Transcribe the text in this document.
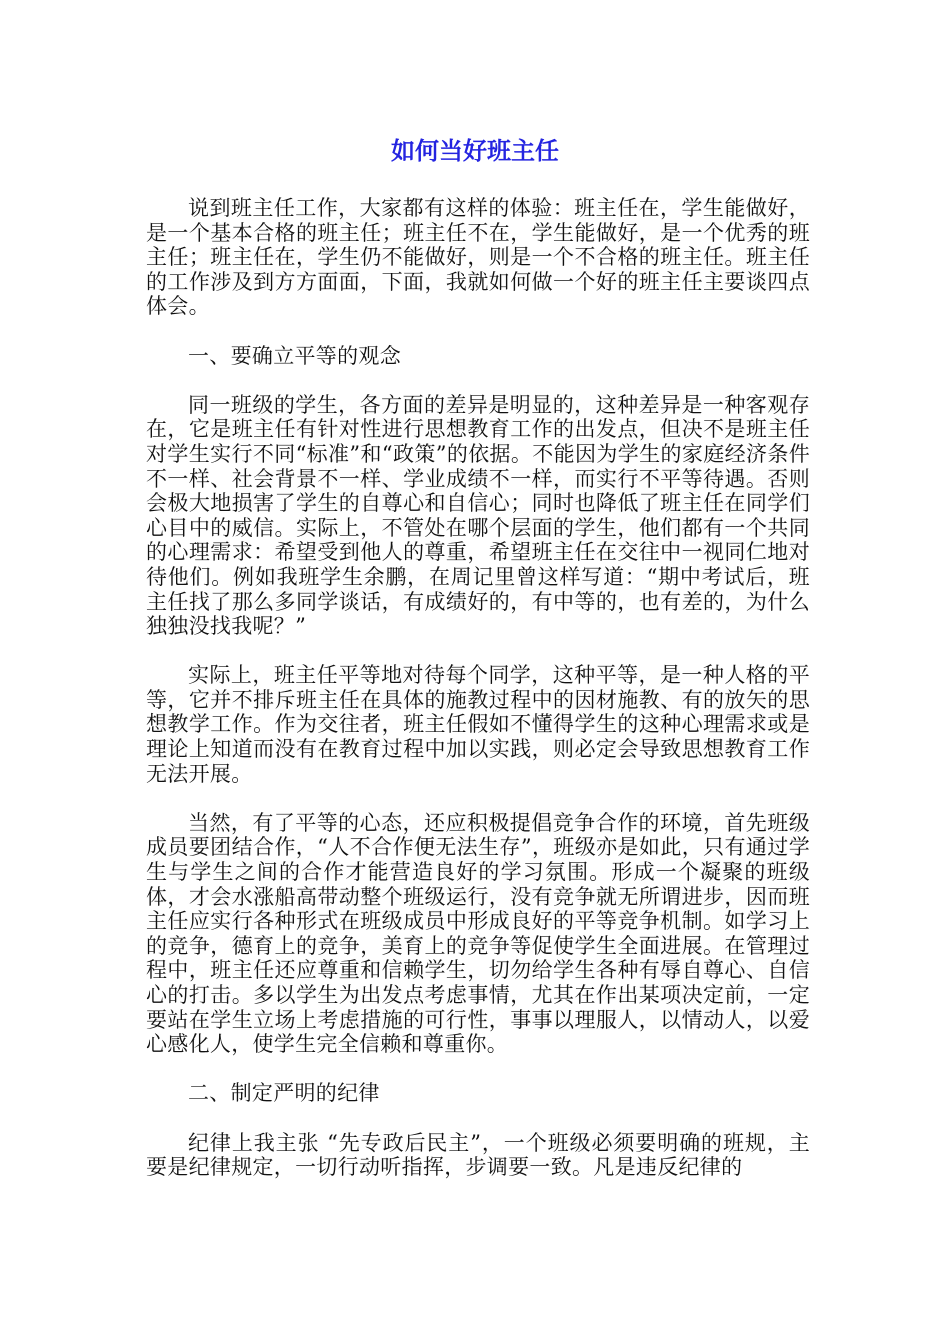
如何当好班主任

说到班主任工作，大家都有这样的体验：班主任在，学生能做好，是一个基本合格的班主任；班主任不在，学生能做好，是一个优秀的班主任；班主任在，学生仍不能做好，则是一个不合格的班主任。班主任的工作涉及到方方面面，下面，我就如何做一个好的班主任主要谈四点体会。

一、要确立平等的观念

同一班级的学生，各方面的差异是明显的，这种差异是一种客观存在，它是班主任有针对性进行思想教育工作的出发点，但决不是班主任对学生实行不同“标准”和“政策”的依据。不能因为学生的家庭经济条件不一样、社会背景不一样、学业成绩不一样，而实行不平等待遇。否则会极大地损害了学生的自尊心和自信心；同时也降低了班主任在同学们心目中的威信。实际上，不管处在哪个层面的学生，他们都有一个共同的心理需求：希望受到他人的尊重，希望班主任在交往中一视同仁地对待他们。例如我班学生余鹏，在周记里曾这样写道：“期中考试后，班主任找了那么多同学谈话，有成绩好的，有中等的，也有差的，为什么独独没找我呢？”

实际上，班主任平等地对待每个同学，这种平等，是一种人格的平等，它并不排斥班主任在具体的施教过程中的因材施教、有的放矢的思想教学工作。作为交往者，班主任假如不懂得学生的这种心理需求或是理论上知道而没有在教育过程中加以实践，则必定会导致思想教育工作无法开展。

当然，有了平等的心态，还应积极提倡竞争合作的环境，首先班级成员要团结合作，“人不合作便无法生存”，班级亦是如此，只有通过学生与学生之间的合作才能营造良好的学习氛围。形成一个凝聚的班级体，才会水涨船高带动整个班级运行，没有竞争就无所谓进步，因而班主任应实行各种形式在班级成员中形成良好的平等竞争机制。如学习上的竞争，德育上的竞争，美育上的竞争等促使学生全面进展。在管理过程中，班主任还应尊重和信赖学生，切勿给学生各种有辱自尊心、自信心的打击。多以学生为出发点考虑事情，尤其在作出某项决定前，一定要站在学生立场上考虑措施的可行性，事事以理服人，以情动人，以爱心感化人，使学生完全信赖和尊重你。

二、制定严明的纪律

纪律上我主张 “先专政后民主”，一个班级必须要明确的班规，主要是纪律规定，一切行动听指挥，步调要一致。凡是违反纪律的
